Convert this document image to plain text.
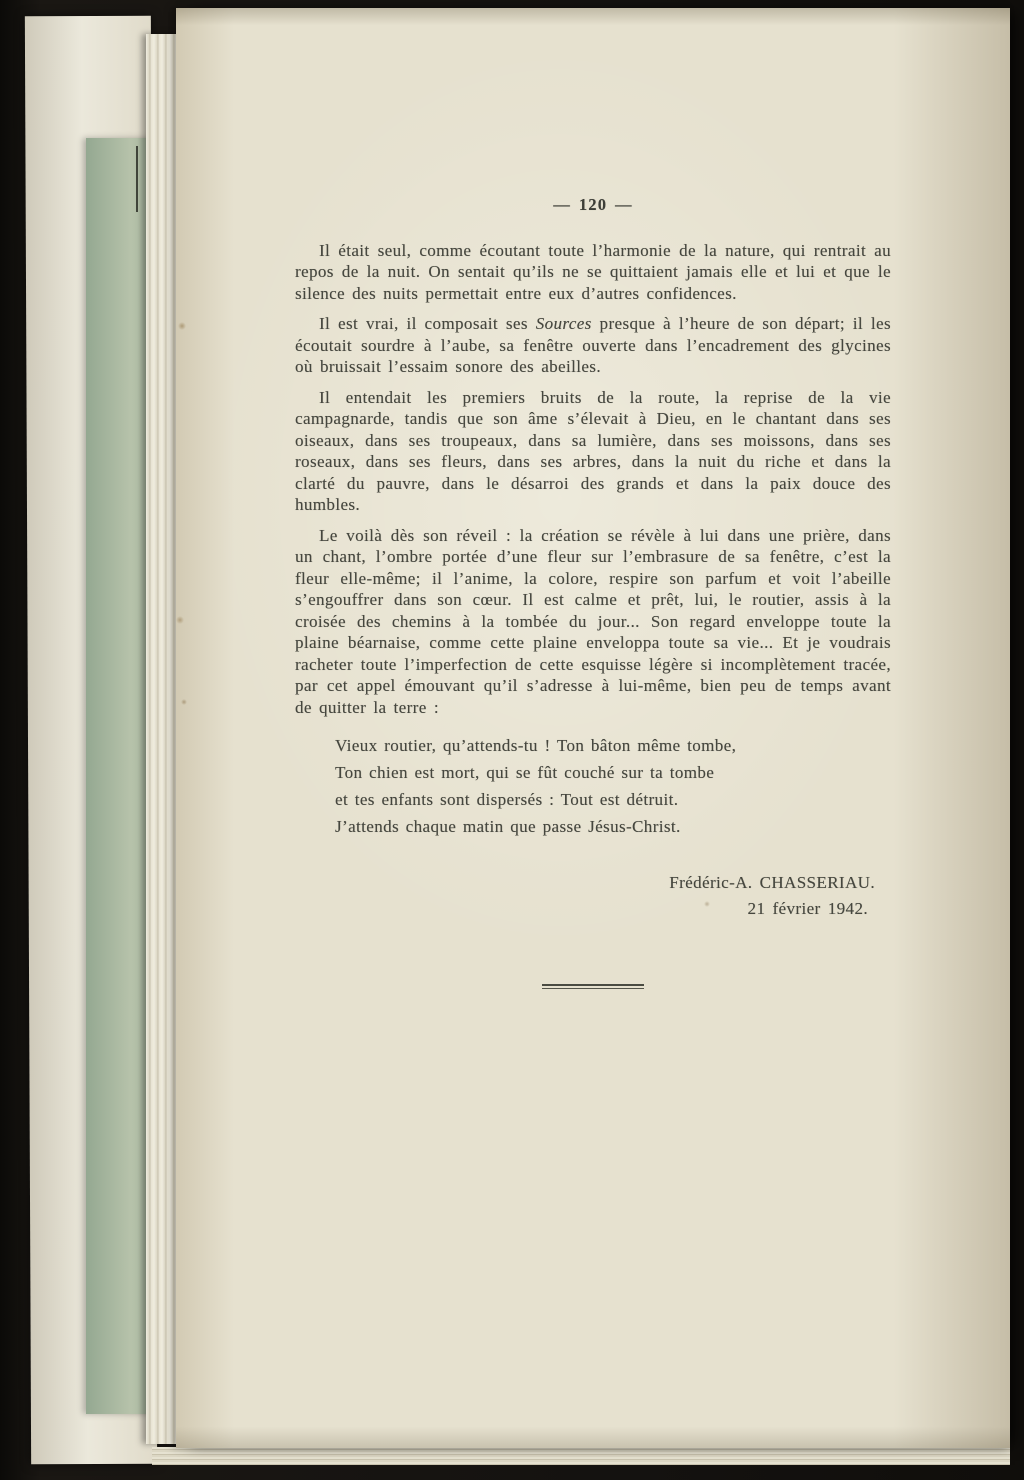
— 120 —

Il était seul, comme écoutant toute l’harmonie de la nature, qui rentrait au repos de la nuit. On sentait qu’ils ne se quittaient jamais elle et lui et que le silence des nuits permettait entre eux d’autres confidences.

Il est vrai, il composait ses Sources presque à l’heure de son départ; il les écoutait sourdre à l’aube, sa fenêtre ouverte dans l’encadrement des glycines où bruissait l’essaim sonore des abeilles.

Il entendait les premiers bruits de la route, la reprise de la vie campagnarde, tandis que son âme s’élevait à Dieu, en le chantant dans ses oiseaux, dans ses troupeaux, dans sa lumière, dans ses moissons, dans ses roseaux, dans ses fleurs, dans ses arbres, dans la nuit du riche et dans la clarté du pauvre, dans le désarroi des grands et dans la paix douce des humbles.

Le voilà dès son réveil : la création se révèle à lui dans une prière, dans un chant, l’ombre portée d’une fleur sur l’embrasure de sa fenêtre, c’est la fleur elle-même; il l’anime, la colore, respire son parfum et voit l’abeille s’engouffrer dans son cœur. Il est calme et prêt, lui, le routier, assis à la croisée des chemins à la tombée du jour... Son regard enveloppe toute la plaine béarnaise, comme cette plaine enveloppa toute sa vie... Et je voudrais racheter toute l’imperfection de cette esquisse légère si incomplètement tracée, par cet appel émouvant qu’il s’adresse à lui-même, bien peu de temps avant de quitter la terre :

Vieux routier, qu’attends-tu ! Ton bâton même tombe,
Ton chien est mort, qui se fût couché sur ta tombe
et tes enfants sont dispersés : Tout est détruit.
J’attends chaque matin que passe Jésus-Christ.
Frédéric-A. CHASSERIAU.
21 février 1942.
